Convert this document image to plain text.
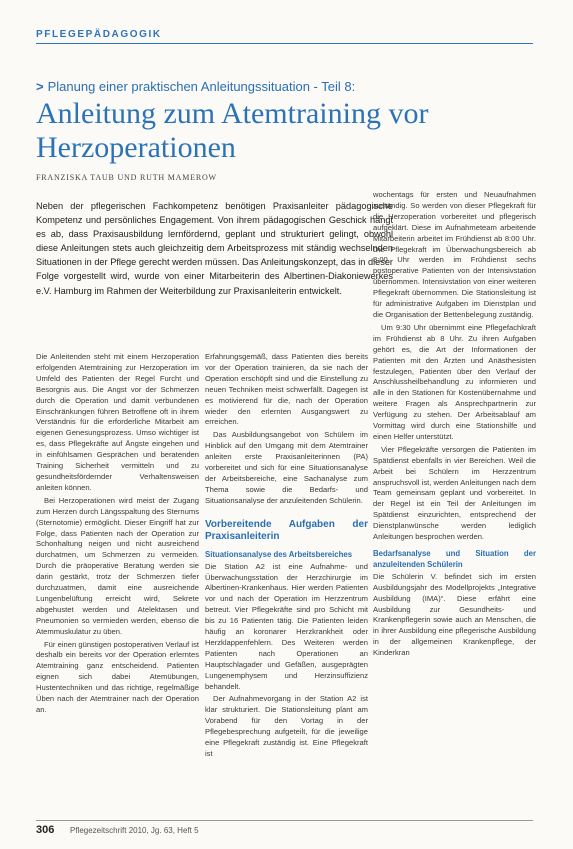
PFLEGEPÄDAGOGIK
> Planung einer praktischen Anleitungssituation - Teil 8:
Anleitung zum Atemtraining vor Herzoperationen
FRANZISKA TAUB UND RUTH MAMEROW
Neben der pflegerischen Fachkompetenz benötigen Praxisanleiter pädagogische Kompetenz und persönliches Engagement. Von ihrem pädagogischen Geschick hängt es ab, dass Praxisausbildung lernfördernd, geplant und strukturiert gelingt, obwohl diese Anleitungen stets auch gleichzeitig dem Arbeitsprozess mit ständig wechselnden Situationen in der Pflege gerecht werden müssen. Das Anleitungskonzept, das in dieser Folge vorgestellt wird, wurde von einer Mitarbeiterin des Albertinen-Diakoniewerkes e.V. Hamburg im Rahmen der Weiterbildung zur Praxisanleiterin entwickelt.

Die Anleitenden steht mit einem Herzoperation erfolgenden Atemtraining zur Herzoperation im Umfeld des Patienten der Regel Furcht und Besorgnis aus. Die Angst vor der Schmerzen durch die Operation und damit verbundenen Einschränkungen führen Betroffene oft in ihrem Verständnis für die erforderliche Mitarbeit am eigenen Genesungsprozess. Umso wichtiger ist es, dass Pflegekräfte auf Ängste eingehen und in einfühlsamen Gesprächen und beratenden Training Sicherheit vermitteln und zu gesundheitsfördernder Verhaltensweisen anleiten können.

Bei Herzoperationen wird meist der Zugang zum Herzen durch Längsspaltung des Sternums (Sternotomie) ermöglicht. Dieser Eingriff hat zur Folge, dass Patienten nach der Operation zur Schonhaltung neigen und nicht ausreichend durchatmen, um Schmerzen zu vermeiden. Durch die präoperative Beratung werden sie darin gestärkt, trotz der Schmerzen tiefer durchzuatmen, damit eine ausreichende Lungenbelüftung erreicht wird, Sekrete abgehustet werden und Atelektasen und Pneumonien so vermieden werden, ebenso die Atemmuskulatur zu üben.

Für einen günstigen postoperativen Verlauf ist deshalb ein bereits vor der Operation erlerntes Atemtraining ganz entscheidend. Patienten eignen sich dabei Atemübungen, Hustentechniken und das richtige, regelmäßige Üben nach der Atemtrainer nach der Operation an.

Erfahrungsgemäß, dass Patienten dies bereits vor der Operation trainieren, da sie nach der Operation erschöpft sind und die Einstellung zu neuen Techniken meist schwerfällt. Dagegen ist es motivierend für die, nach der Operation wieder den erlernten Ausgangswert zu erreichen.

Das Ausbildungsangebot von Schülern im Hinblick auf den Umgang mit dem Atemtrainer anleiten erste Praxisanleiterinnen (PA) vorbereitet und sich für eine Situationsanalyse der Arbeitsbereiche, eine Sachanalyse zum Thema sowie die Bedarfs- und Situationsanalyse der anzuleitenden Schülerin.

Vorbereitende Aufgaben der Praxisanleiterin
Situationsanalyse des Arbeitsbereiches

Die Station A2 ist eine Aufnahme- und Überwachungsstation der Herzchirurgie im Albertinen-Krankenhaus. Hier werden Patienten vor und nach der Operation im Herzzentrum betreut. Vier Pflegekräfte sind pro Schicht mit bis zu 16 Patienten tätig. Die Patienten leiden häufig an koronarer Herzkrankheit oder Herzklappenfehlern. Des Weiteren werden Patienten nach Operationen an Hauptschlagader und Gefäßen, ausgeprägten Lungenemphysem und Herzinsuffizienz behandelt.

Der Aufnahmevorgang in der Station A2 ist klar strukturiert. Die Stationsleitung plant am Vorabend für den Vortag in der Pflegebesprechung aufgeteilt, für die jeweilige eine Pflegekraft zuständig ist. Eine Pflegekraft ist

wochentags für ersten und Neuaufnahmen zuständig. So werden von dieser Pflegekraft für die Herzoperation vorbereitet und pflegerisch aufgeklärt. Diese im Aufnahmeteam arbeitende Mitarbeiterin arbeitet im Frühdienst ab 8:00 Uhr. Die Pflegekraft im Überwachungsbereich ab 8:00 Uhr werden im Frühdienst sechs postoperative Patienten von der Intensivstation übernommen. Intensivstation von einer weiteren Pflegekraft übernommen. Die Stationsleitung ist für administrative Aufgaben im Dienstplan und die Organisation der Bettenbelegung zuständig.

Um 9:30 Uhr übernimmt eine Pflegefachkraft im Frühdienst ab 8 Uhr. Zu ihren Aufgaben gehört es, die Art der Informationen der Patienten mit den Ärzten und Anästhesisten festzulegen, Patienten über den Verlauf der Anschlussheilbehandlung zu informieren und alle in den Stationen für Kostenübernahme und weitere Fragen als Ansprechpartnerin zur Verfügung zu stehen. Der Arbeitsablauf am Vormittag wird durch eine Stationshilfe und einen Helfer unterstützt.

Vier Pflegekräfte versorgen die Patienten im Spätdienst ebenfalls in vier Bereichen. Weil die Arbeit bei Schülern im Herzzentrum anspruchsvoll ist, werden Anleitungen nach dem Team gemeinsam geplant und vorbereitet. In der Regel ist ein Teil der Anleitungen im Spätdienst einzurichten, entsprechend der Dienstplanwünsche werden lediglich Anleitungen besprochen werden.

Bedarfsanalyse und Situation der anzuleitenden Schülerin

Die Schülerin V. befindet sich im ersten Ausbildungsjahr des Modellprojekts „Integrative Ausbildung (IMA)“. Diese erfährt eine Ausbildung zur Gesundheits- und Krankenpflegerin sowie auch an Menschen, die in ihrer Ausbildung eine pflegerische Ausbildung in der allgemeinen Krankenpflege, der Kinderkran

306 Pflegezeitschrift 2010, Jg. 63, Heft 5
